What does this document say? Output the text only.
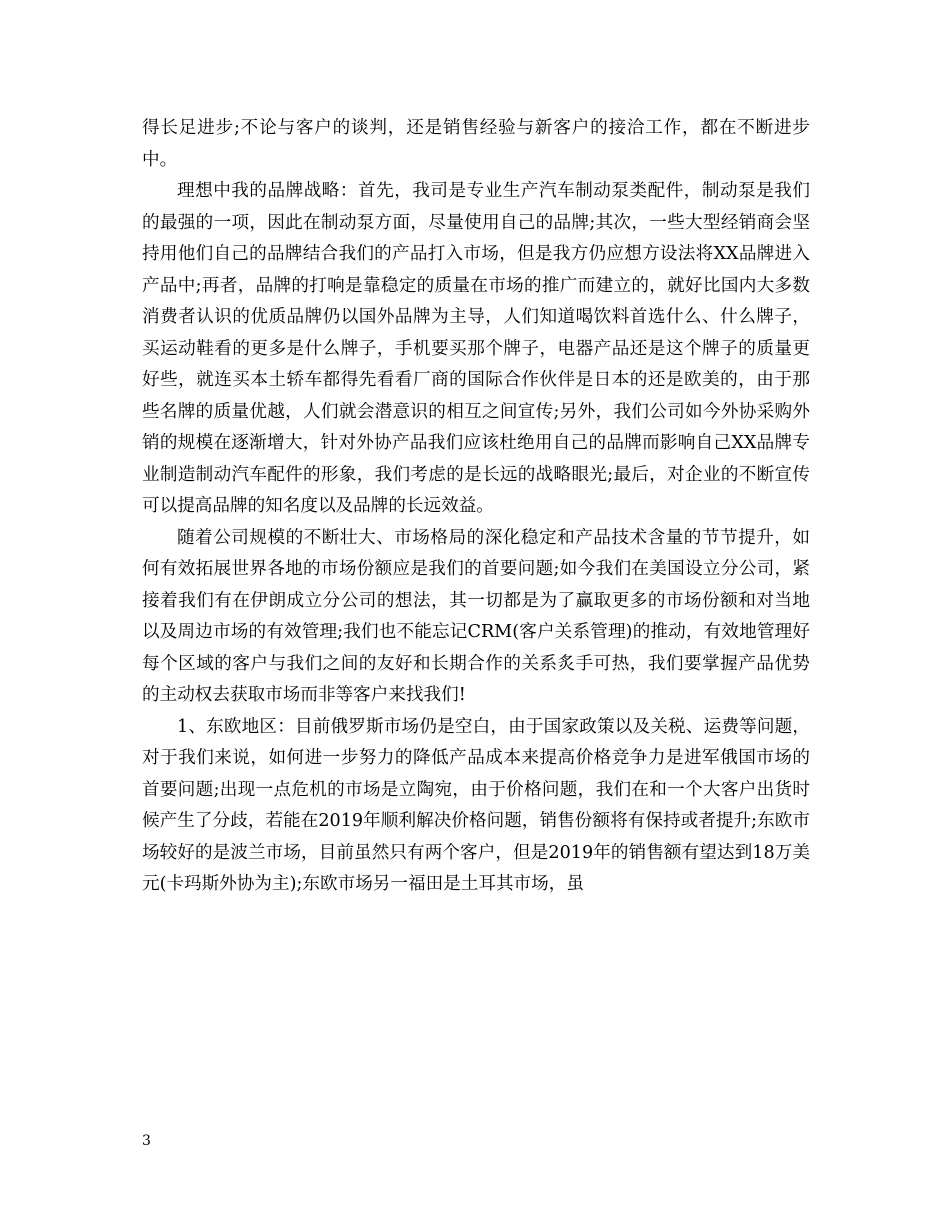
得长足进步;不论与客户的谈判，还是销售经验与新客户的接洽工作，都在不断进步中。

理想中我的品牌战略：首先，我司是专业生产汽车制动泵类配件，制动泵是我们的最强的一项，因此在制动泵方面，尽量使用自己的品牌;其次，一些大型经销商会坚持用他们自己的品牌结合我们的产品打入市场，但是我方仍应想方设法将XX品牌进入产品中;再者，品牌的打响是靠稳定的质量在市场的推广而建立的，就好比国内大多数消费者认识的优质品牌仍以国外品牌为主导，人们知道喝饮料首选什么、什么牌子，买运动鞋看的更多是什么牌子，手机要买那个牌子，电器产品还是这个牌子的质量更好些，就连买本土轿车都得先看看厂商的国际合作伙伴是日本的还是欧美的，由于那些名牌的质量优越，人们就会潜意识的相互之间宣传;另外，我们公司如今外协采购外销的规模在逐渐增大，针对外协产品我们应该杜绝用自己的品牌而影响自己XX品牌专业制造制动汽车配件的形象，我们考虑的是长远的战略眼光;最后，对企业的不断宣传可以提高品牌的知名度以及品牌的长远效益。

随着公司规模的不断壮大、市场格局的深化稳定和产品技术含量的节节提升，如何有效拓展世界各地的市场份额应是我们的首要问题;如今我们在美国设立分公司，紧接着我们有在伊朗成立分公司的想法，其一切都是为了赢取更多的市场份额和对当地以及周边市场的有效管理;我们也不能忘记CRM(客户关系管理)的推动，有效地管理好每个区域的客户与我们之间的友好和长期合作的关系炙手可热，我们要掌握产品优势的主动权去获取市场而非等客户来找我们!

1、东欧地区：目前俄罗斯市场仍是空白，由于国家政策以及关税、运费等问题，对于我们来说，如何进一步努力的降低产品成本来提高价格竞争力是进军俄国市场的首要问题;出现一点危机的市场是立陶宛，由于价格问题，我们在和一个大客户出货时候产生了分歧，若能在2019年顺利解决价格问题，销售份额将有保持或者提升;东欧市场较好的是波兰市场，目前虽然只有两个客户，但是2019年的销售额有望达到18万美元(卡玛斯外协为主);东欧市场另一福田是土耳其市场，虽

3
